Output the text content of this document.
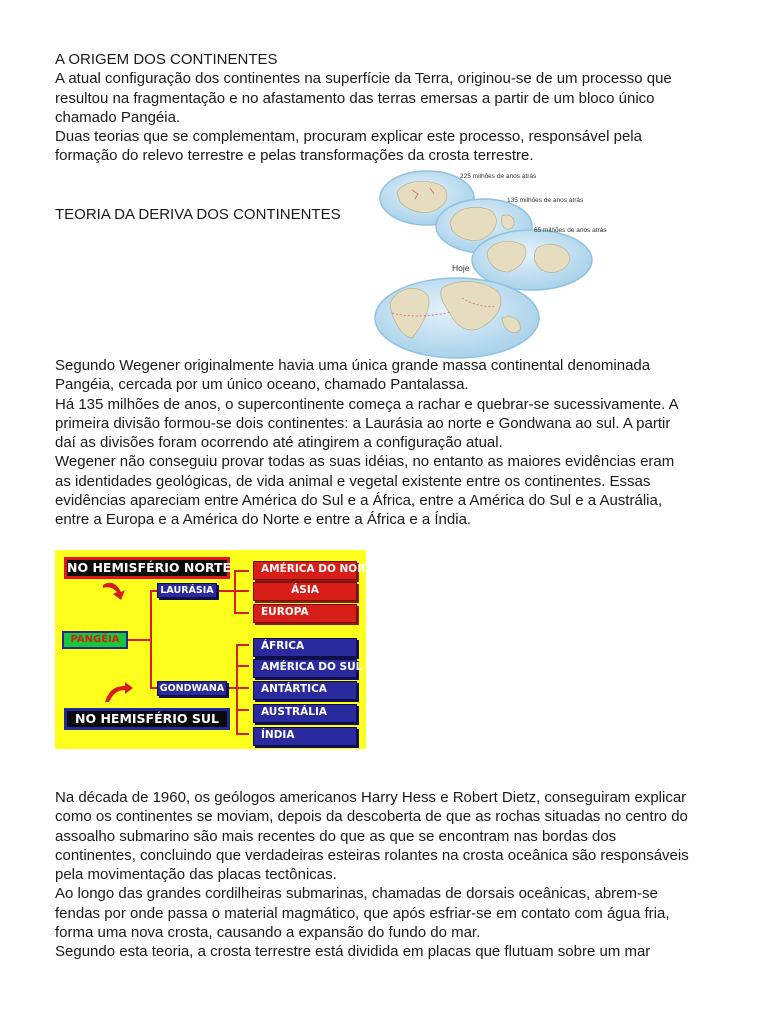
A ORIGEM DOS CONTINENTES
A atual configuração dos continentes na superfície da Terra, originou-se de um processo que
resultou na fragmentação e no afastamento das terras emersas a partir de um bloco único
chamado Pangéia.
Duas teorias que se complementam, procuram explicar este processo, responsável pela
formação do relevo terrestre e pelas transformações da crosta terrestre.
TEORIA DA DERIVA DOS CONTINENTES
225 milhões de anos atrás
135 milhões de anos atrás
65 milhões de anos atrás
Hoje
Segundo Wegener originalmente havia uma única grande massa continental denominada
Pangéia, cercada por um único oceano, chamado Pantalassa.
Há 135 milhões de anos, o supercontinente começa a rachar e quebrar-se sucessivamente. A
primeira divisão formou-se dois continentes: a Laurásia ao norte e Gondwana ao sul. A partir
daí as divisões foram ocorrendo até atingirem a configuração atual.
Wegener não conseguiu provar todas as suas idéias, no entanto as maiores evidências eram
as identidades geológicas, de vida animal e vegetal existente entre os continentes. Essas
evidências apareciam entre América do Sul e a África, entre a América do Sul e a Austrália,
entre a Europa e a América do Norte e entre a África e a Índia.
NO HEMISFÉRIO NORTE
PANGÉIA
LAURÁSIA
GONDWANA
NO HEMISFÉRIO SUL
AMÉRICA DO NORTE
ÁSIA
EUROPA
ÁFRICA
AMÉRICA DO SUL
ANTÁRTICA
AUSTRÁLIA
ÍNDIA
Na década de 1960, os geólogos americanos Harry Hess e Robert Dietz, conseguiram explicar
como os continentes se moviam, depois da descoberta de que as rochas situadas no centro do
assoalho submarino são mais recentes do que as que se encontram nas bordas dos
continentes, concluindo que verdadeiras esteiras rolantes na crosta oceânica são responsáveis
pela movimentação das placas tectônicas.
Ao longo das grandes cordilheiras submarinas, chamadas de dorsais oceânicas, abrem-se
fendas por onde passa o material magmático, que após esfriar-se em contato com água fria,
forma uma nova crosta, causando a expansão do fundo do mar.
Segundo esta teoria, a crosta terrestre está dividida em placas que flutuam sobre um mar
